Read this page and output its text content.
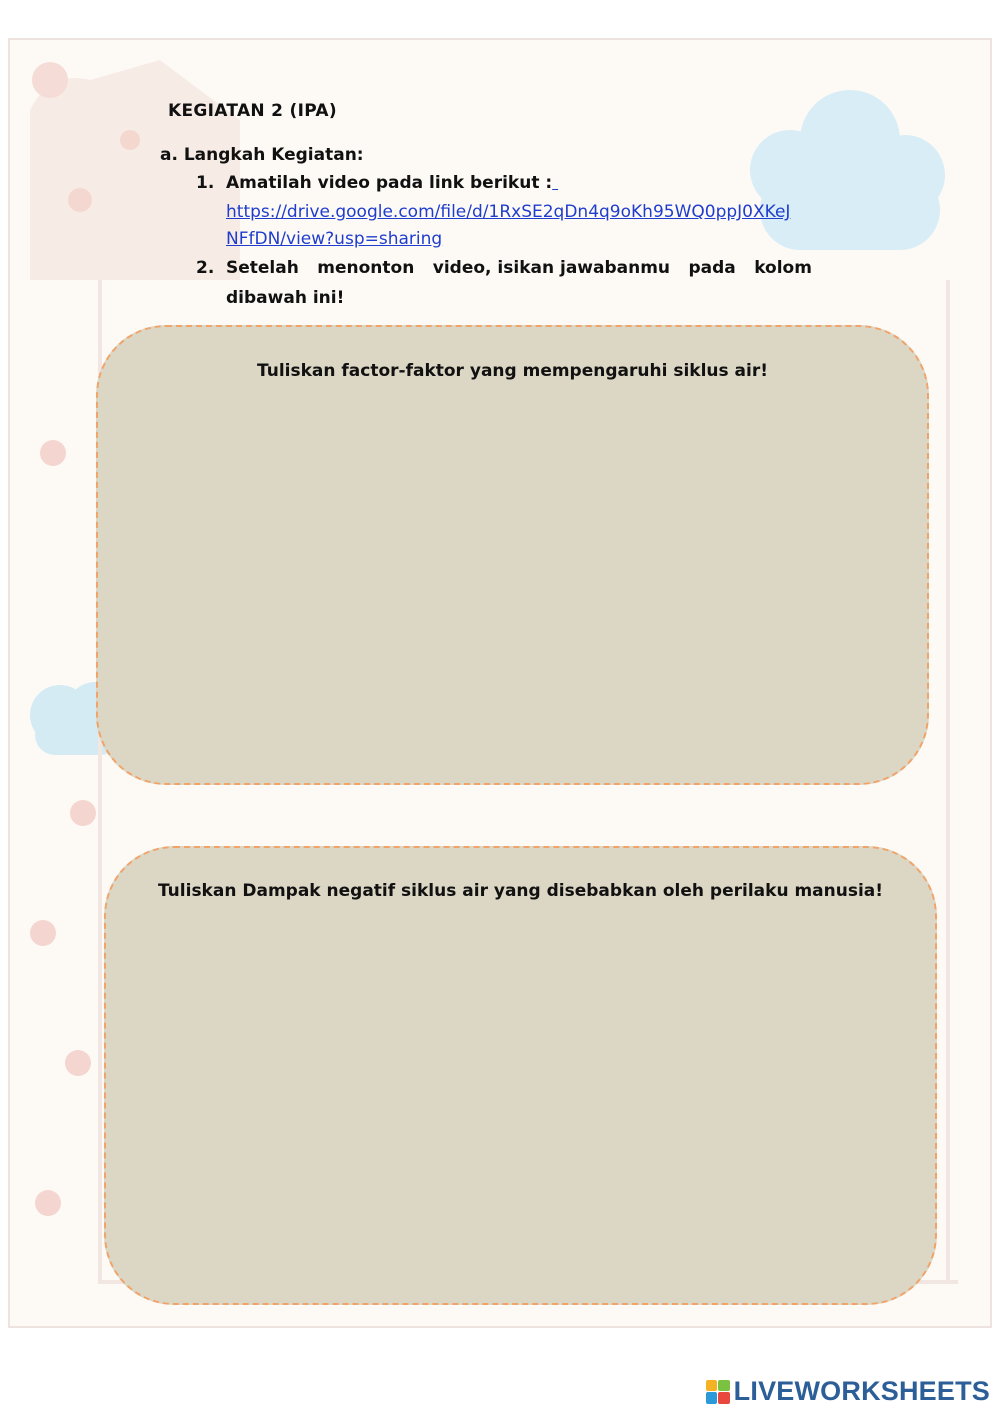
KEGIATAN 2 (IPA)
a. Langkah Kegiatan:
1. Amatilah video pada link berikut :
https://drive.google.com/file/d/1RxSE2qDn4q9oKh95WQ0ppJ0XKeJ
NFfDN/view?usp=sharing
2. Setelah menonton video, isikan jawabanmu pada kolom
dibawah ini!
Tuliskan factor-faktor yang mempengaruhi siklus air!
Tuliskan Dampak negatif siklus air yang disebabkan oleh perilaku manusia!
LIVEWORKSHEETS
